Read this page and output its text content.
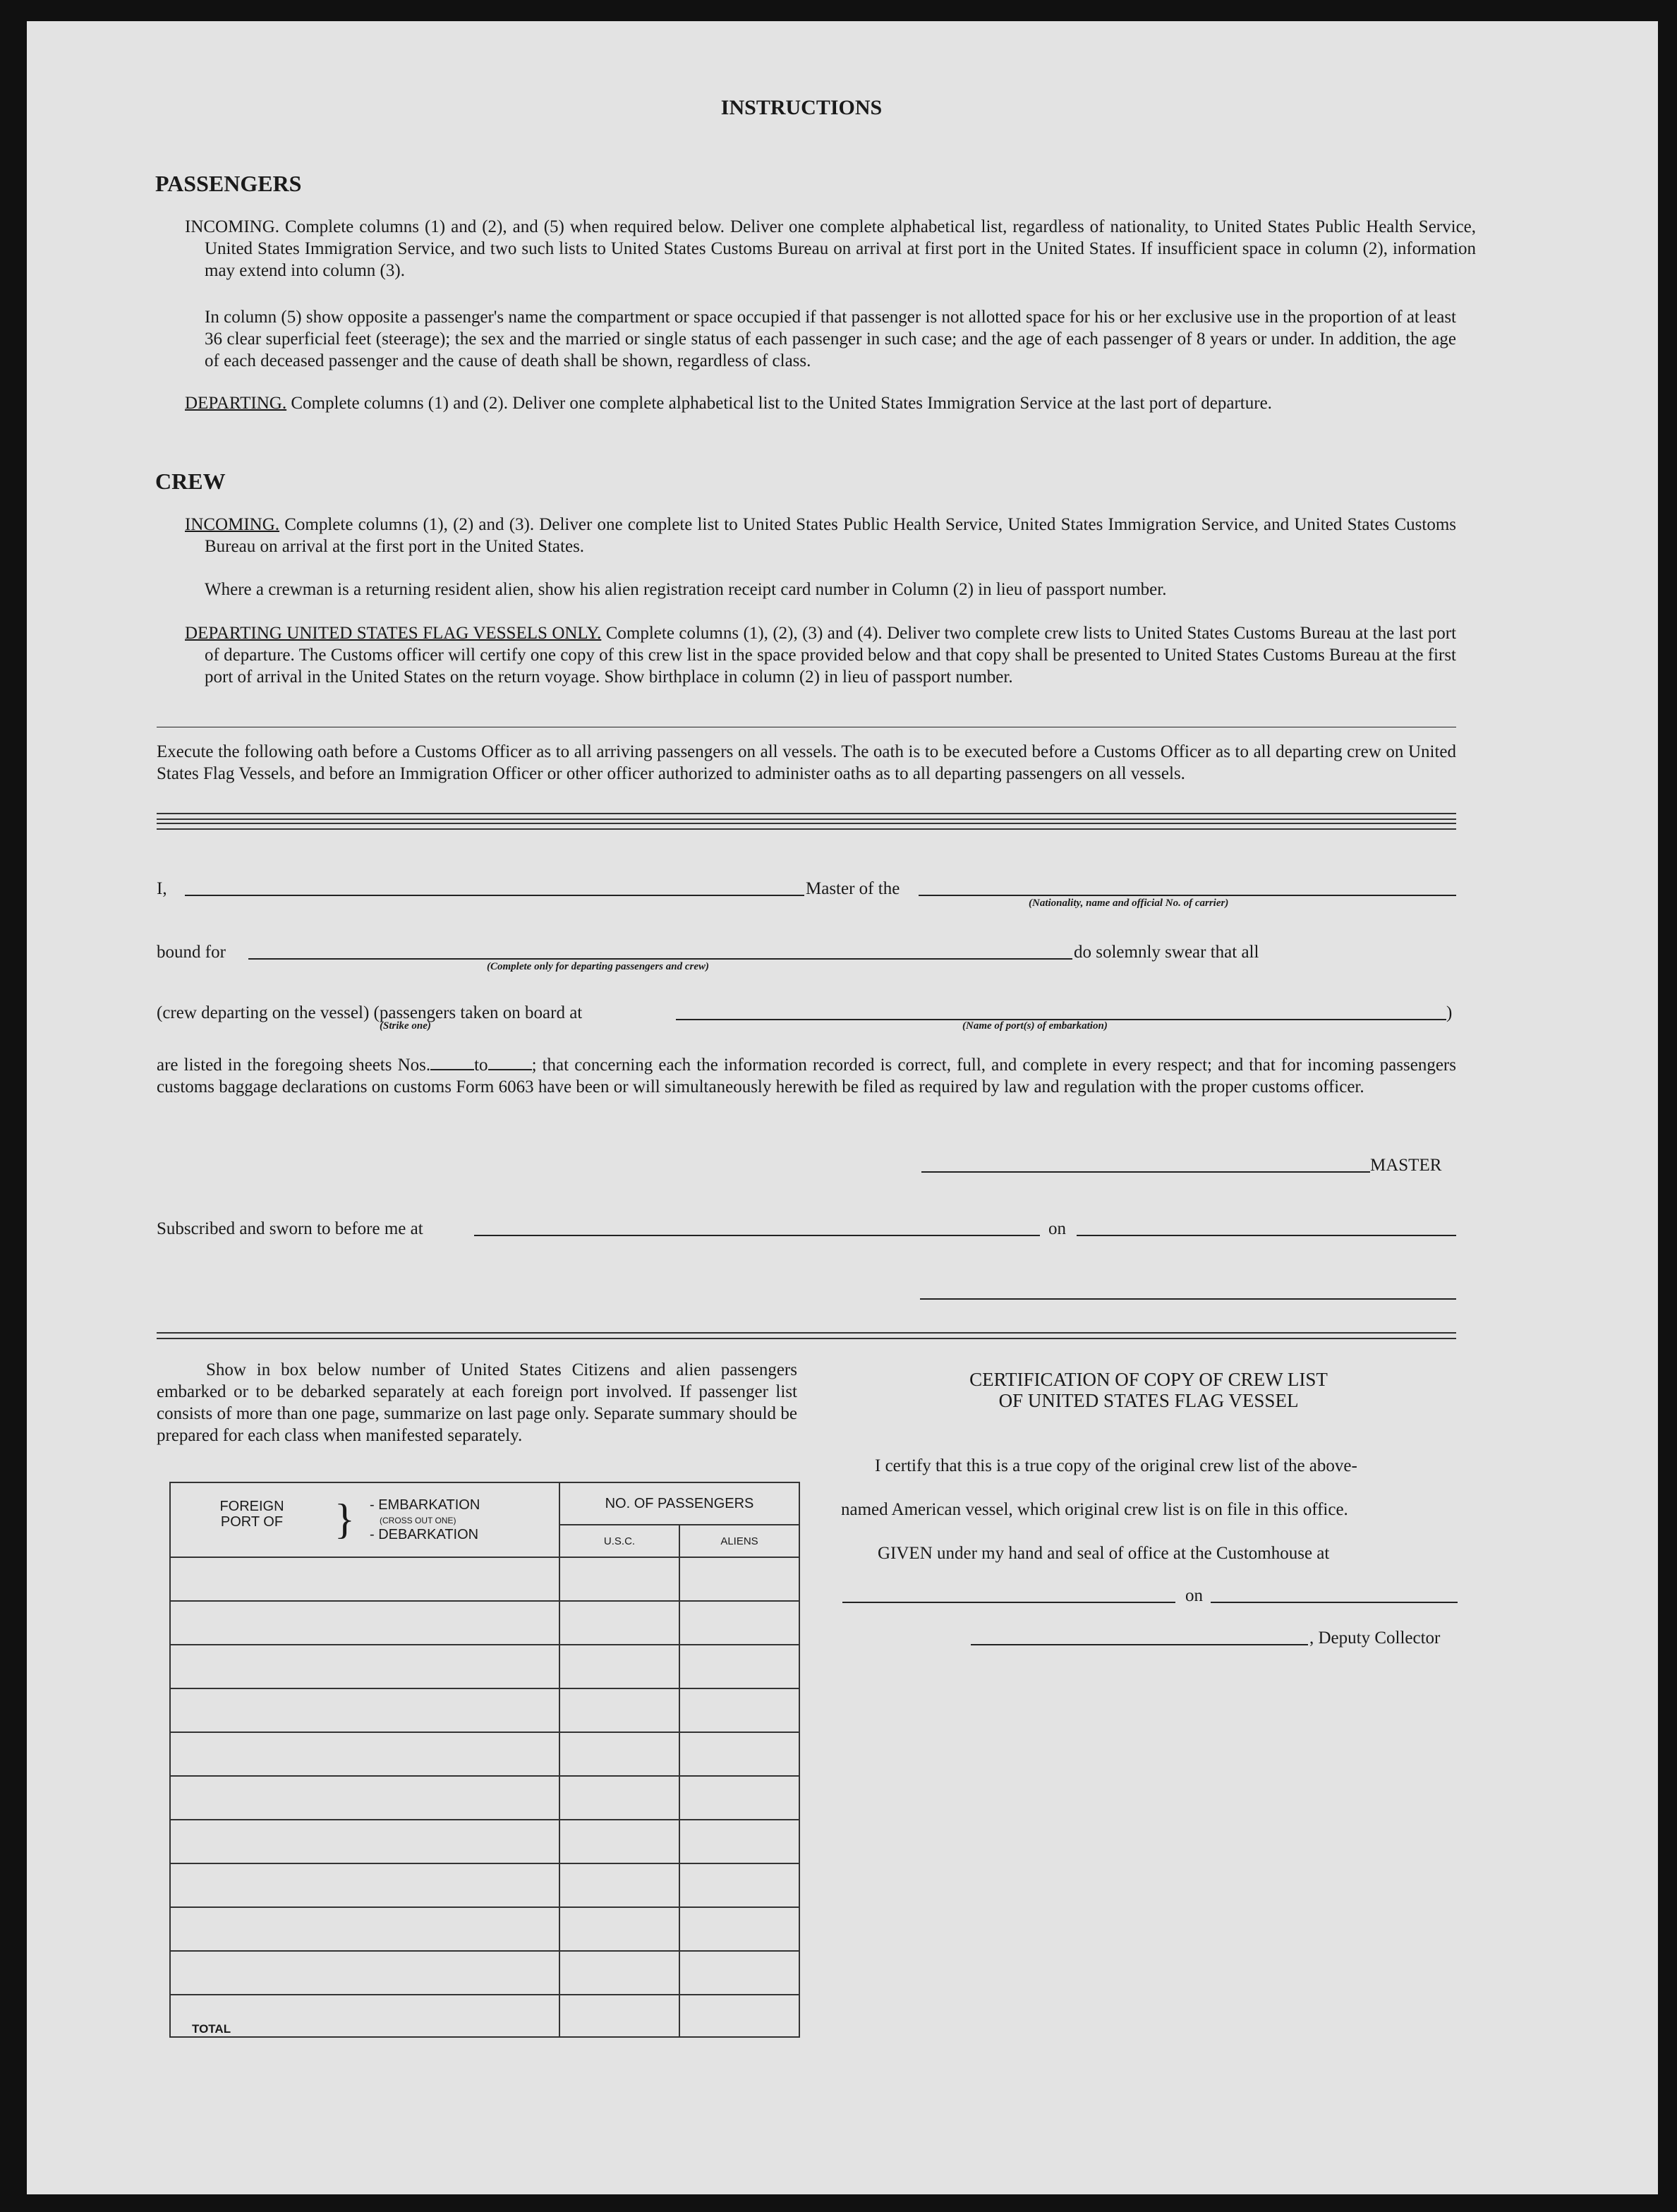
INSTRUCTIONS
PASSENGERS
INCOMING. Complete columns (1) and (2), and (5) when required below. Deliver one complete alphabetical list, regardless of nationality, to United States Public Health Service, United States Immigration Service, and two such lists to United States Customs Bureau on arrival at first port in the United States. If insufficient space in column (2), information may extend into column (3).
In column (5) show opposite a passenger's name the compartment or space occupied if that passenger is not allotted space for his or her exclusive use in the proportion of at least 36 clear superficial feet (steerage); the sex and the married or single status of each passenger in such case; and the age of each passenger of 8 years or under. In addition, the age of each deceased passenger and the cause of death shall be shown, regardless of class.
DEPARTING. Complete columns (1) and (2). Deliver one complete alphabetical list to the United States Immigration Service at the last port of departure.
CREW
INCOMING. Complete columns (1), (2) and (3). Deliver one complete list to United States Public Health Service, United States Immigration Service, and United States Customs Bureau on arrival at the first port in the United States.
Where a crewman is a returning resident alien, show his alien registration receipt card number in Column (2) in lieu of passport number.
DEPARTING UNITED STATES FLAG VESSELS ONLY. Complete columns (1), (2), (3) and (4). Deliver two complete crew lists to United States Customs Bureau at the last port of departure. The Customs officer will certify one copy of this crew list in the space provided below and that copy shall be presented to United States Customs Bureau at the first port of arrival in the United States on the return voyage. Show birthplace in column (2) in lieu of passport number.
Execute the following oath before a Customs Officer as to all arriving passengers on all vessels. The oath is to be executed before a Customs Officer as to all departing crew on United States Flag Vessels, and before an Immigration Officer or other officer authorized to administer oaths as to all departing passengers on all vessels.
I,	Master of the
(Nationality, name and official No. of carrier)
bound for	do solemnly swear that all
(Complete only for departing passengers and crew)
(crew departing on the vessel) (passengers taken on board at	)
(Strike one)	(Name of port(s) of embarkation)
are listed in the foregoing sheets Nos. to ; that concerning each the information recorded is correct, full, and complete in every respect; and that for incoming passengers customs baggage declarations on customs Form 6063 have been or will simultaneously herewith be filed as required by law and regulation with the proper customs officer.
MASTER
Subscribed and sworn to before me at	on
Show in box below number of United States Citizens and alien passengers embarked or to be debarked separately at each foreign port involved. If passenger list consists of more than one page, summarize on last page only. Separate summary should be prepared for each class when manifested separately.
FOREIGN PORT OF } - EMBARKATION
(CROSS OUT ONE)
- DEBARKATION	NO. OF PASSENGERS	
	U.S.C.	ALIENS

TOTAL		
CERTIFICATION OF COPY OF CREW LIST
OF UNITED STATES FLAG VESSEL
I certify that this is a true copy of the original crew list of the above-
named American vessel, which original crew list is on file in this office.
GIVEN under my hand and seal of office at the Customhouse at
on
, Deputy Collector
